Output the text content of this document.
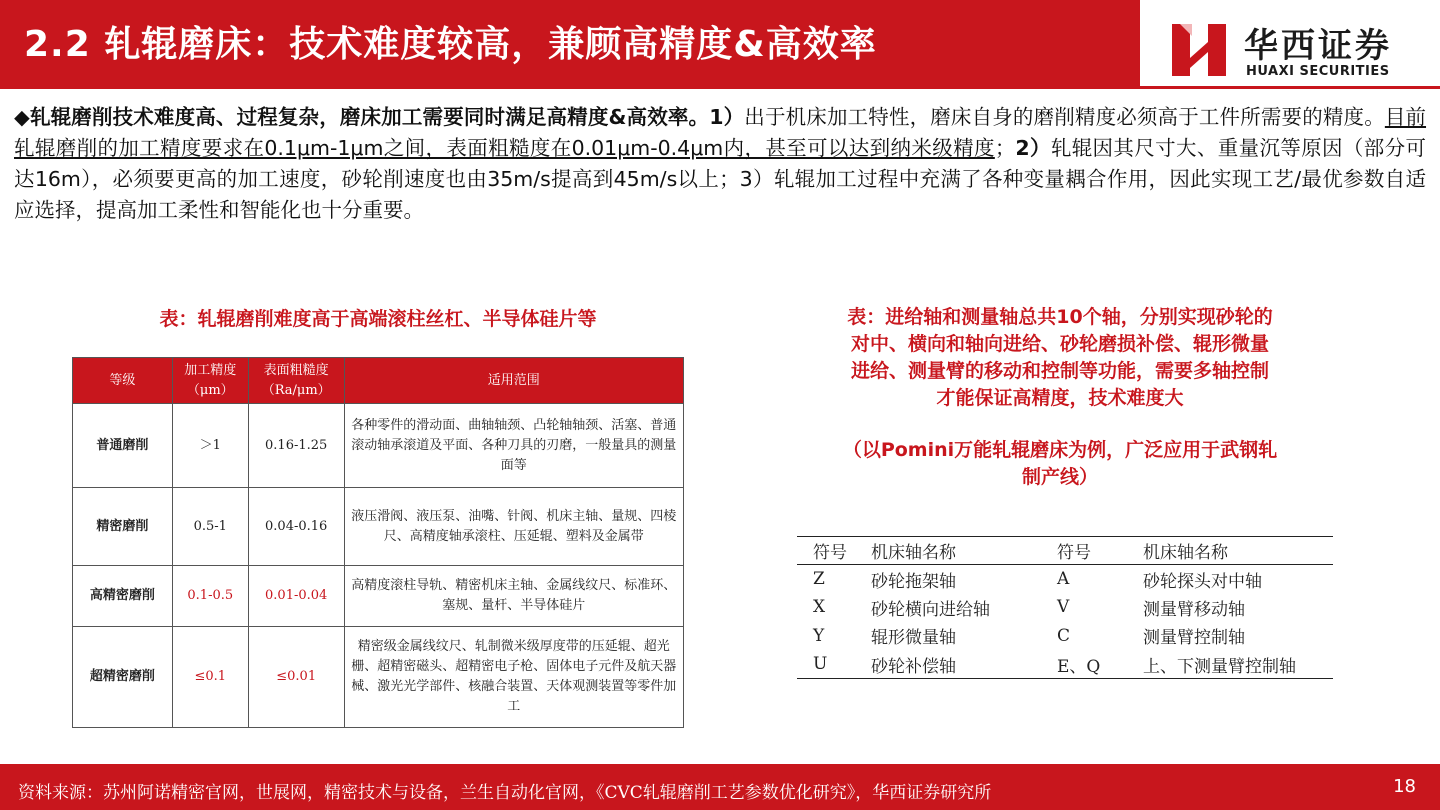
2.2 轧辊磨床：技术难度较高，兼顾高精度&高效率	华西证券
HUAXI SECURITIES
◆轧辊磨削技术难度高、过程复杂，磨床加工需要同时满足高精度&高效率。1）出于机床加工特性，磨床自身的磨削精度必须高于工件所需要的精度。目前轧辊磨削的加工精度要求在0.1μm-1μm之间，表面粗糙度在0.01μm-0.4μm内，甚至可以达到纳米级精度；2）轧辊因其尺寸大、重量沉等原因（部分可达16m），必须要更高的加工速度，砂轮削速度也由35m/s提高到45m/s以上；3）轧辊加工过程中充满了各种变量耦合作用，因此实现工艺/最优参数自适应选择，提高加工柔性和智能化也十分重要。
表：轧辊磨削难度高于高端滚柱丝杠、半导体硅片等
等级	加工精度（μm）	表面粗糙度（Ra/μm）	适用范围
普通磨削	＞1	0.16-1.25	各种零件的滑动面、曲轴轴颈、凸轮轴轴颈、活塞、普通滚动轴承滚道及平面、各种刀具的刃磨，一般量具的测量面等
精密磨削	0.5-1	0.04-0.16	液压滑阀、液压泵、油嘴、针阀、机床主轴、量规、四棱尺、高精度轴承滚柱、压延辊、塑料及金属带
高精密磨削	0.1-0.5	0.01-0.04	高精度滚柱导轨、精密机床主轴、金属线纹尺、标准环、塞规、量杆、半导体硅片
超精密磨削	≤0.1	≤0.01	精密级金属线纹尺、轧制微米级厚度带的压延辊、超光栅、超精密磁头、超精密电子枪、固体电子元件及航天器械、激光光学部件、核融合装置、天体观测装置等零件加工
表：进给轴和测量轴总共10个轴，分别实现砂轮的
对中、横向和轴向进给、砂轮磨损补偿、辊形微量
进给、测量臂的移动和控制等功能，需要多轴控制
才能保证高精度，技术难度大
（以Pomini万能轧辊磨床为例，广泛应用于武钢轧
制产线）
符号	机床轴名称	符号	机床轴名称
Z	砂轮拖架轴	A	砂轮探头对中轴
X	砂轮横向进给轴	V	测量臂移动轴
Y	辊形微量轴	C	测量臂控制轴
U	砂轮补偿轴	E、Q	上、下测量臂控制轴
资料来源：苏州阿诺精密官网，世展网，精密技术与设备，兰生自动化官网，《CVC轧辊磨削工艺参数优化研究》，华西证券研究所	18
